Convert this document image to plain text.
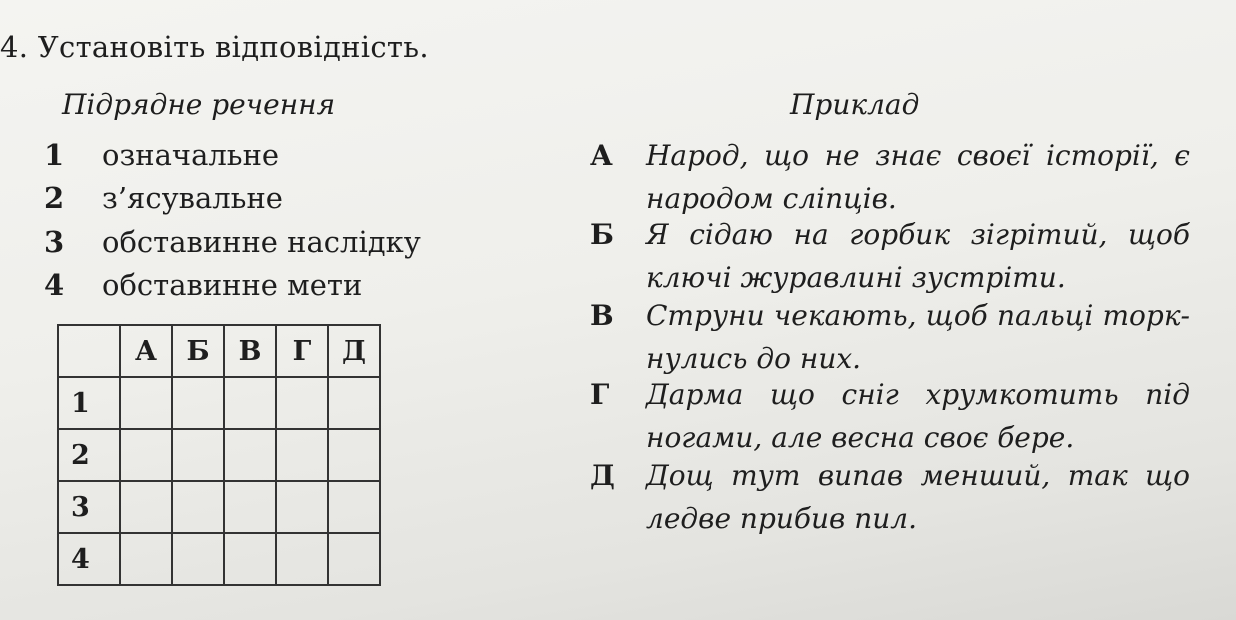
4. Установіть відповідність.
Підрядне речення	Приклад
1 означальне
2 з’ясувальне
3 обставинне наслідку
4 обставинне мети
А Народ, що не знає своєї історії, є народом сліпців.
Б Я сідаю на горбик зігрітий, щоб ключі журавлині зустріти.
В Струни чекають, щоб пальці торк-нулись до них.
Г Дарма що сніг хрумкотить під ногами, але весна своє бере.
Д Дощ тут випав менший, так що ледве прибив пил.
	А	Б	В	Г	Д
1					
2					
3					
4					
